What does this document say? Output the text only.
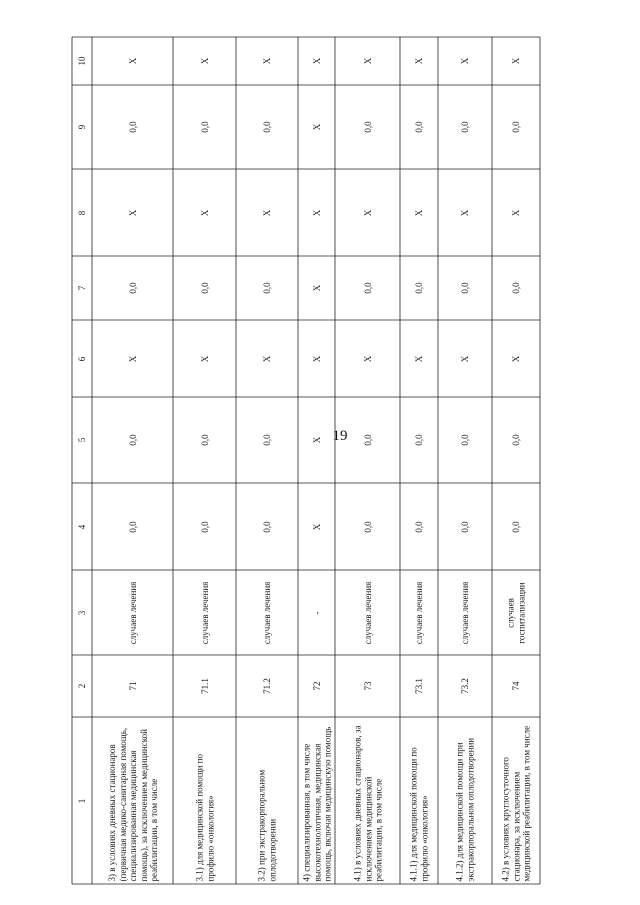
19
1
2
3
4
5
6
7
8
9
10
3) в условиях дневных стационаров (первичная медико-санитарная помощь, специализированная медицинская помощь), за исключением медицинской реабилитации, в том числе
71
случаев лечения
0,0
0,0
Х
0,0
Х
0,0
Х
3.1) для медицинской помощи по профилю «онкология»
71.1
случаев лечения
0,0
0,0
Х
0,0
Х
0,0
Х
3.2) при экстракорпоральном оплодотворении
71.2
случаев лечения
0,0
0,0
Х
0,0
Х
0,0
Х
4) специализированная, в том числе высокотехнологичная, медицинская помощь, включая медицинскую помощь
72
-
Х
Х
Х
Х
Х
Х
Х
4.1) в условиях дневных стационаров, за исключением медицинской реабилитации, в том числе
73
случаев лечения
0,0
0,0
Х
0,0
Х
0,0
Х
4.1.1) для медицинской помощи по профилю «онкология»
73.1
случаев лечения
0,0
0,0
Х
0,0
Х
0,0
Х
4.1.2) для медицинской помощи при экстракорпоральном оплодотворении
73.2
случаев лечения
0,0
0,0
Х
0,0
Х
0,0
Х
4.2) в условиях круглосуточного стационара, за исключением медицинской реабилитации, в том числе
74
случаев госпитализации
0,0
0,0
Х
0,0
Х
0,0
Х
